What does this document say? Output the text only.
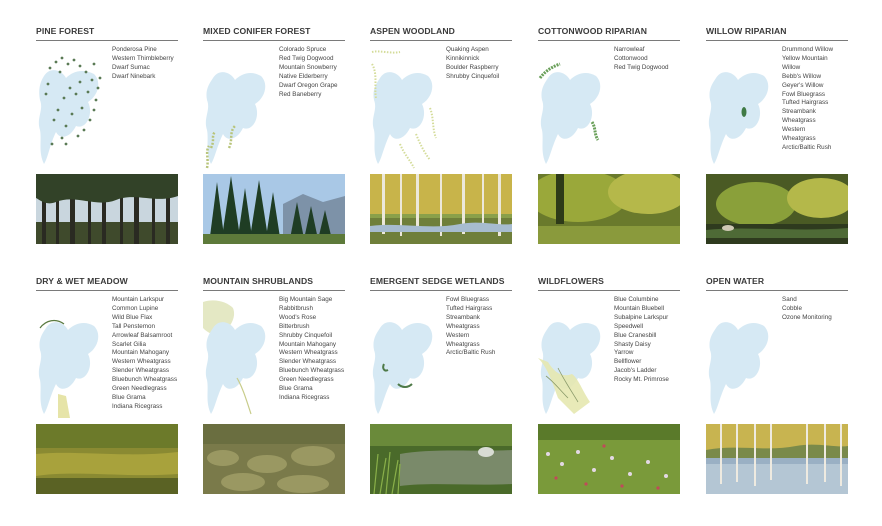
PINE FOREST
Ponderosa Pine
Western Thimbleberry
Dwarf Sumac
Dwarf Ninebark
MIXED CONIFER FOREST
Colorado Spruce
Red Twig Dogwood
Mountain Snowberry
Native Elderberry
Dwarf Oregon Grape
Red Baneberry
ASPEN WOODLAND
Quaking Aspen
Kinnikinnick
Boulder Raspberry
Shrubby Cinquefoil
COTTONWOOD RIPARIAN
Narrowleaf
Cottonwood
Red Twig Dogwood
WILLOW RIPARIAN
Drummond Willow
Yellow Mountain
Willow
Bebb's Willow
Geyer's Willow
Fowl Bluegrass
Tufted Hairgrass
Streambank
Wheatgrass
Western
Wheatgrass
Arctic/Baltic Rush
DRY & WET MEADOW
Mountain Larkspur
Common Lupine
Wild Blue Flax
Tall Penstemon
Arrowleaf Balsamroot
Scarlet Gilia
Mountain Mahogany
Western Wheatgrass
Slender Wheatgrass
Bluebunch Wheatgrass
Green Needlegrass
Blue Grama
Indiana Ricegrass
MOUNTAIN SHRUBLANDS
Big Mountain Sage
Rabbitbrush
Wood's Rose
Bitterbrush
Shrubby Cinquefoil
Mountain Mahogany
Western Wheatgrass
Slender Wheatgrass
Bluebunch Wheatgrass
Green Needlegrass
Blue Grama
Indiana Ricegrass
EMERGENT SEDGE WETLANDS
Fowl Bluegrass
Tufted Hairgrass
Streambank
Wheatgrass
Western
Wheatgrass
Arctic/Baltic Rush
WILDFLOWERS
Blue Columbine
Mountain Bluebell
Subalpine Larkspur
Speedwell
Blue Cranesbill
Shasty Daisy
Yarrow
Bellflower
Jacob's Ladder
Rocky Mt. Primrose
OPEN WATER
Sand
Cobble
Ozone Monitoring
